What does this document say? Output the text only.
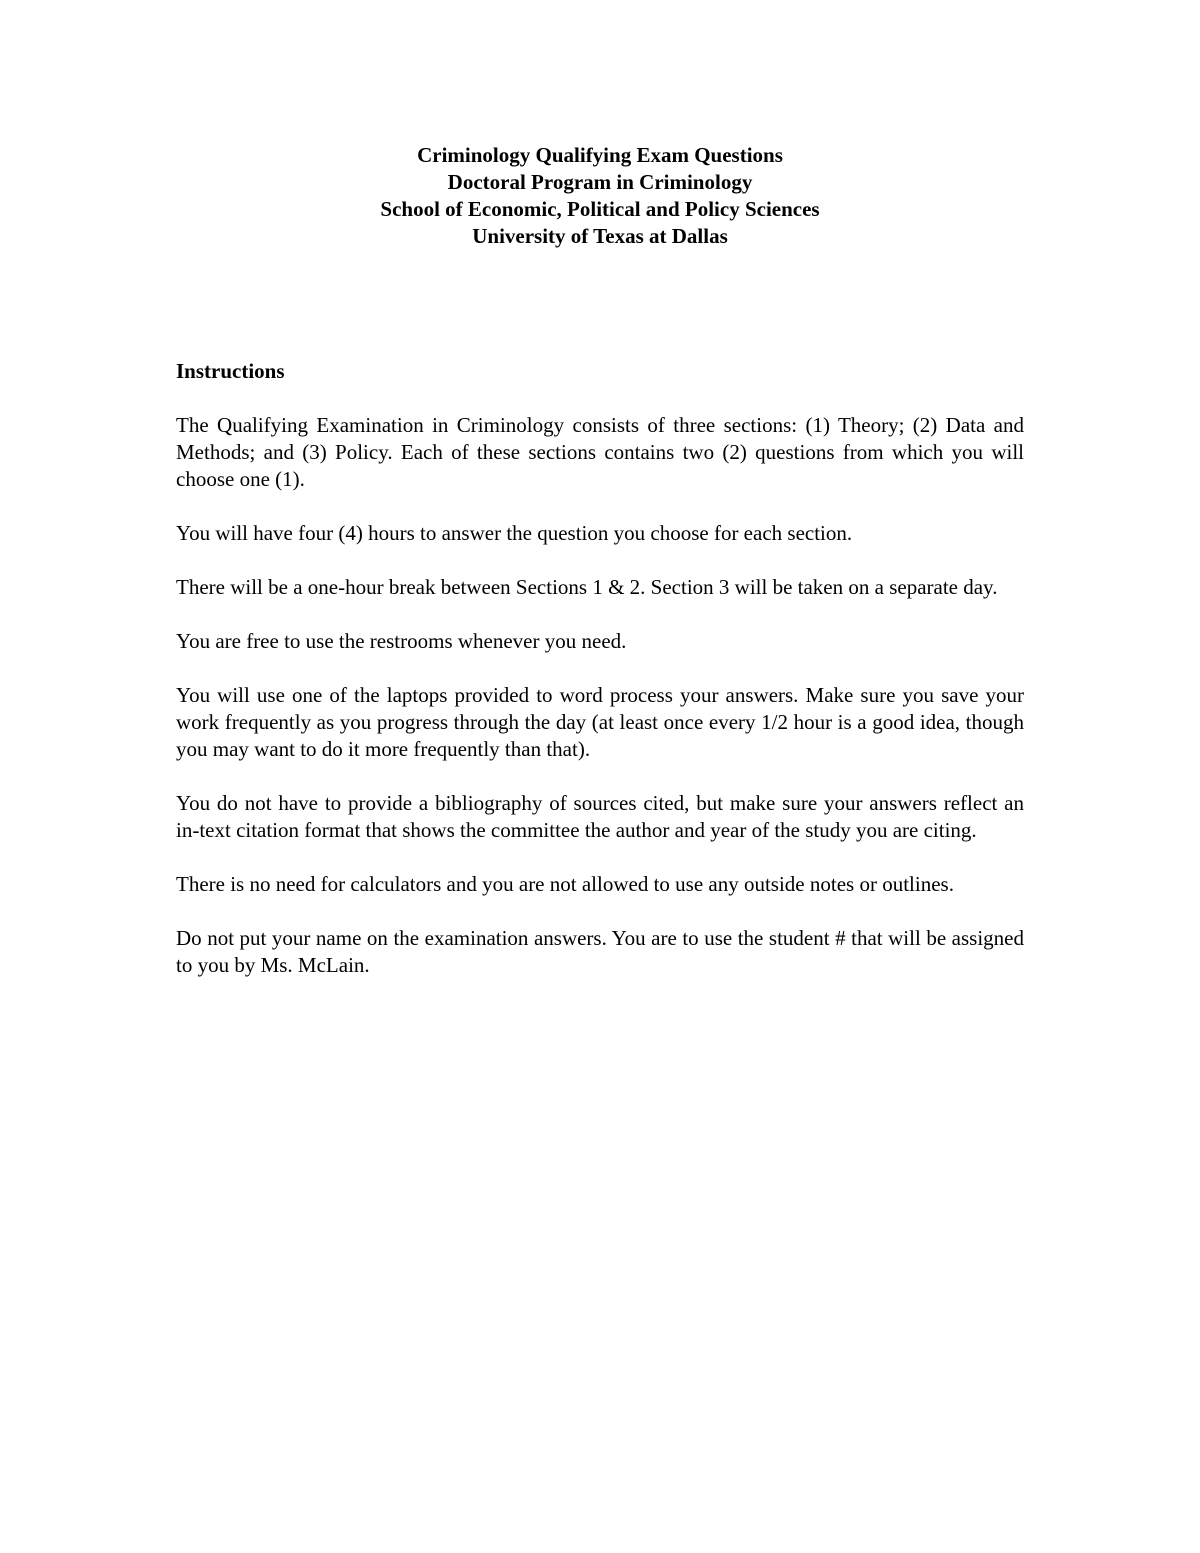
Criminology Qualifying Exam Questions
Doctoral Program in Criminology
School of Economic, Political and Policy Sciences
University of Texas at Dallas

Instructions

The Qualifying Examination in Criminology consists of three sections: (1) Theory; (2) Data and Methods; and (3) Policy. Each of these sections contains two (2) questions from which you will choose one (1).

You will have four (4) hours to answer the question you choose for each section.

There will be a one-hour break between Sections 1 & 2. Section 3 will be taken on a separate day.

You are free to use the restrooms whenever you need.

You will use one of the laptops provided to word process your answers. Make sure you save your work frequently as you progress through the day (at least once every 1/2 hour is a good idea, though you may want to do it more frequently than that).

You do not have to provide a bibliography of sources cited, but make sure your answers reflect an in-text citation format that shows the committee the author and year of the study you are citing.

There is no need for calculators and you are not allowed to use any outside notes or outlines.

Do not put your name on the examination answers. You are to use the student # that will be assigned to you by Ms. McLain.
